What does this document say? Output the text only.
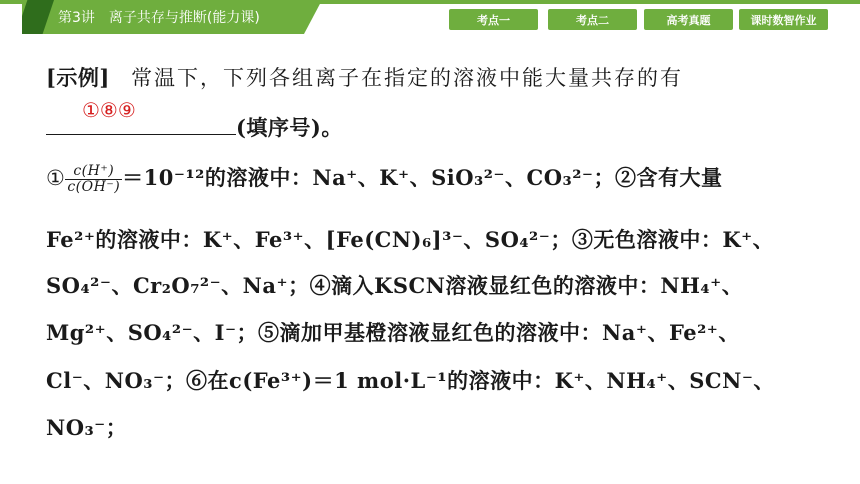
第3讲　离子共存与推断(能力课)	考点一	考点二	高考真题	课时数智作业
[示例] 常温下，下列各组离子在指定的溶液中能大量共存的有
①⑧⑨
(填序号)。
① $\frac{c(H^+)}{c(OH^-)} =10^{-12}$的溶液中：Na⁺、K⁺、SiO₃²⁻、CO₃²⁻；②含有大量
Fe²⁺的溶液中：K⁺、Fe³⁺、[Fe(CN)₆]³⁻、SO₄²⁻；③无色溶液中：K⁺、
SO₄²⁻、Cr₂O₇²⁻、Na⁺；④滴入KSCN溶液显红色的溶液中：NH₄⁺、
Mg²⁺、SO₄²⁻、I⁻；⑤滴加甲基橙溶液显红色的溶液中：Na⁺、Fe²⁺、
Cl⁻、NO₃⁻；⑥在c(Fe³⁺)＝1 mol·L⁻¹的溶液中：K⁺、NH₄⁺、SCN⁻、
NO₃⁻；
